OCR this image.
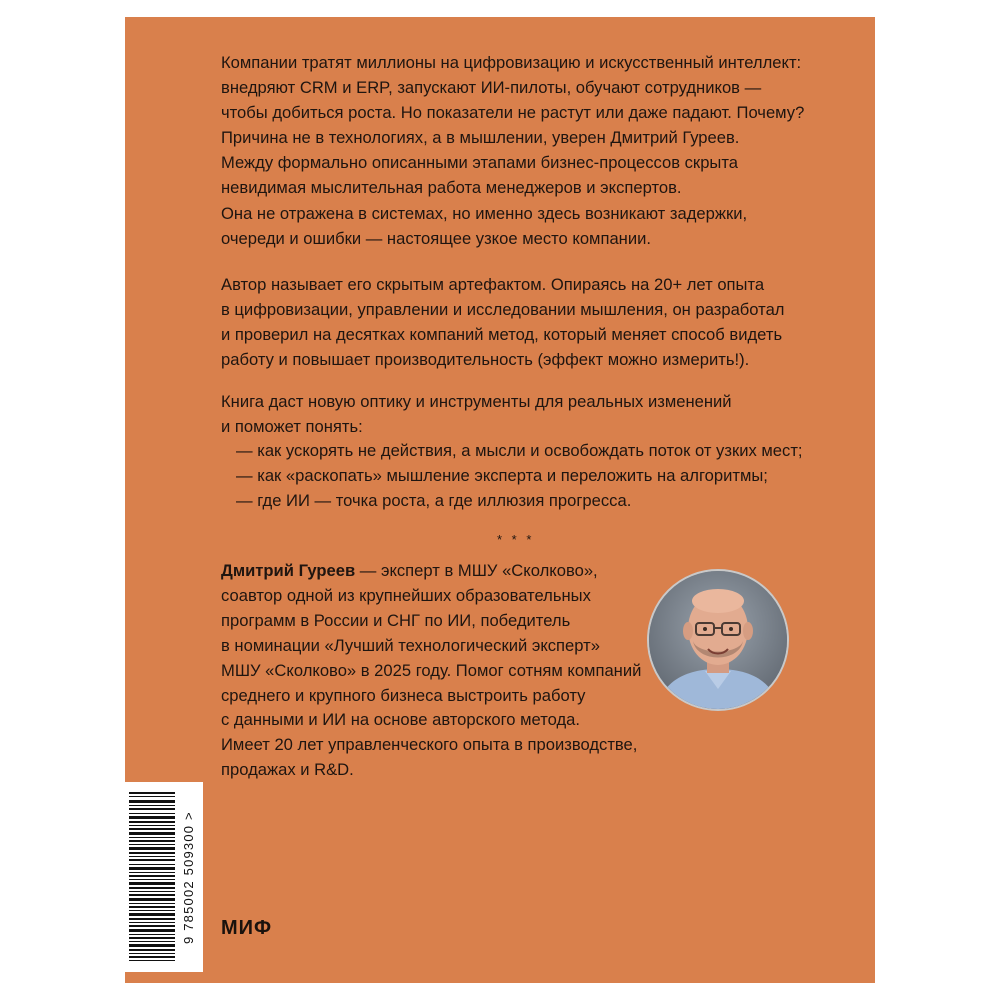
Компании тратят миллионы на цифровизацию и искусственный интеллект:
внедряют CRM и ERP, запускают ИИ-пилоты, обучают сотрудников —
чтобы добиться роста. Но показатели не растут или даже падают. Почему?
Причина не в технологиях, а в мышлении, уверен Дмитрий Гуреев.
Между формально описанными этапами бизнес-процессов скрыта
невидимая мыслительная работа менеджеров и экспертов.
Она не отражена в системах, но именно здесь возникают задержки,
очереди и ошибки — настоящее узкое место компании.

Автор называет его скрытым артефактом. Опираясь на 20+ лет опыта
в цифровизации, управлении и исследовании мышления, он разработал
и проверил на десятках компаний метод, который меняет способ видеть
работу и повышает производительность (эффект можно измерить!).

Книга даст новую оптику и инструменты для реальных изменений
и поможет понять:

— как ускорять не действия, а мысли и освобождать поток от узких мест;
— как «раскопать» мышление эксперта и переложить на алгоритмы;
— где ИИ — точка роста, а где иллюзия прогресса.
* * *

Дмитрий Гуреев — эксперт в МШУ «Сколково»,
соавтор одной из крупнейших образовательных
программ в России и СНГ по ИИ, победитель
в номинации «Лучший технологический эксперт»
МШУ «Сколково» в 2025 году. Помог сотням компаний
среднего и крупного бизнеса выстроить работу
с данными и ИИ на основе авторского метода.
Имеет 20 лет управленческого опыта в производстве,
продажах и R&D.

9 785002 509300 > МИФ
